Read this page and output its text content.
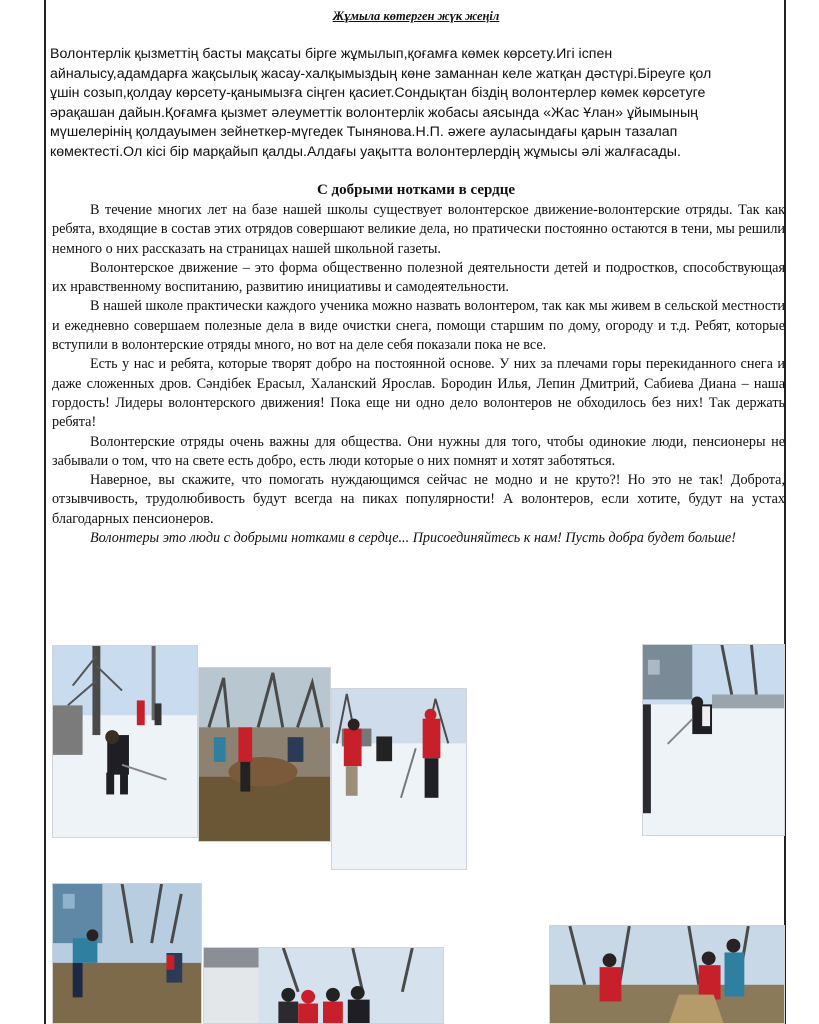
Жұмыла көтерген жүк жеңіл

Волонтерлік қызметтің басты мақсаты бірге жұмылып,қоғамға көмек көрсету.Игі іспен
айналысу,адамдарға жақсылық жасау-халқымыздың көне заманнан келе жатқан дәстүрі.Біреуге қол
ұшін созып,қолдау көрсету-қанымызға сіңген қасиет.Сондықтан біздің волонтерлер көмек көрсетуге
әрақашан дайын.Қоғамға қызмет әлеуметтік волонтерлік жобасы аясында «Жас Ұлан» ұйымының
мүшелерінің қолдауымен зейнеткер-мүгедек Тынянова.Н.П. әжеге ауласындағы қарын тазалап
көмектесті.Ол кісі бір марқайып қалды.Алдағы уақытта волонтерлердің жұмысы әлі жалғасады.

С добрыми нотками в сердце

В течение многих лет на базе нашей школы существует волонтерское движение-волонтерские отряды. Так как ребята, входящие в состав этих отрядов совершают великие дела, но пратически постоянно остаются в тени, мы решили немного о них рассказать на страницах нашей школьной газеты.

Волонтерское движение – это форма общественно полезной деятельности детей и подростков, способствующая их нравственному воспитанию, развитию инициативы и самодеятельности.

В нашей школе практически каждого ученика можно назвать волонтером, так как мы живем в сельской местности и ежедневно совершаем полезные дела в виде очистки снега, помощи старшим по дому, огороду и т.д. Ребят, которые вступили в волонтерские отряды много, но вот на деле себя показали пока не все.

Есть у нас и ребята, которые творят добро на постоянной основе. У них за плечами горы перекиданного снега и даже сложенных дров. Сәндібек Ерасыл, Халанский Ярослав. Бородин Илья, Лепин Дмитрий, Сабиева Диана – наша гордость! Лидеры волонтерского движения! Пока еще ни одно дело волонтеров не обходилось без них! Так держать ребята!

Волонтерские отряды очень важны для общества. Они нужны для того, чтобы одинокие люди, пенсионеры не забывали о том, что на свете есть добро, есть люди которые о них помнят и хотят заботяться.

Наверное, вы скажите, что помогать нуждающимся сейчас не модно и не круто?! Но это не так! Доброта, отзывчивость, трудолюбивость будут всегда на пиках популярности! А волонтеров, если хотите, будут на устах благодарных пенсионеров.

Волонтеры это люди с добрыми нотками в сердце... Присоединяйтесь к нам! Пусть добра будет больше!
